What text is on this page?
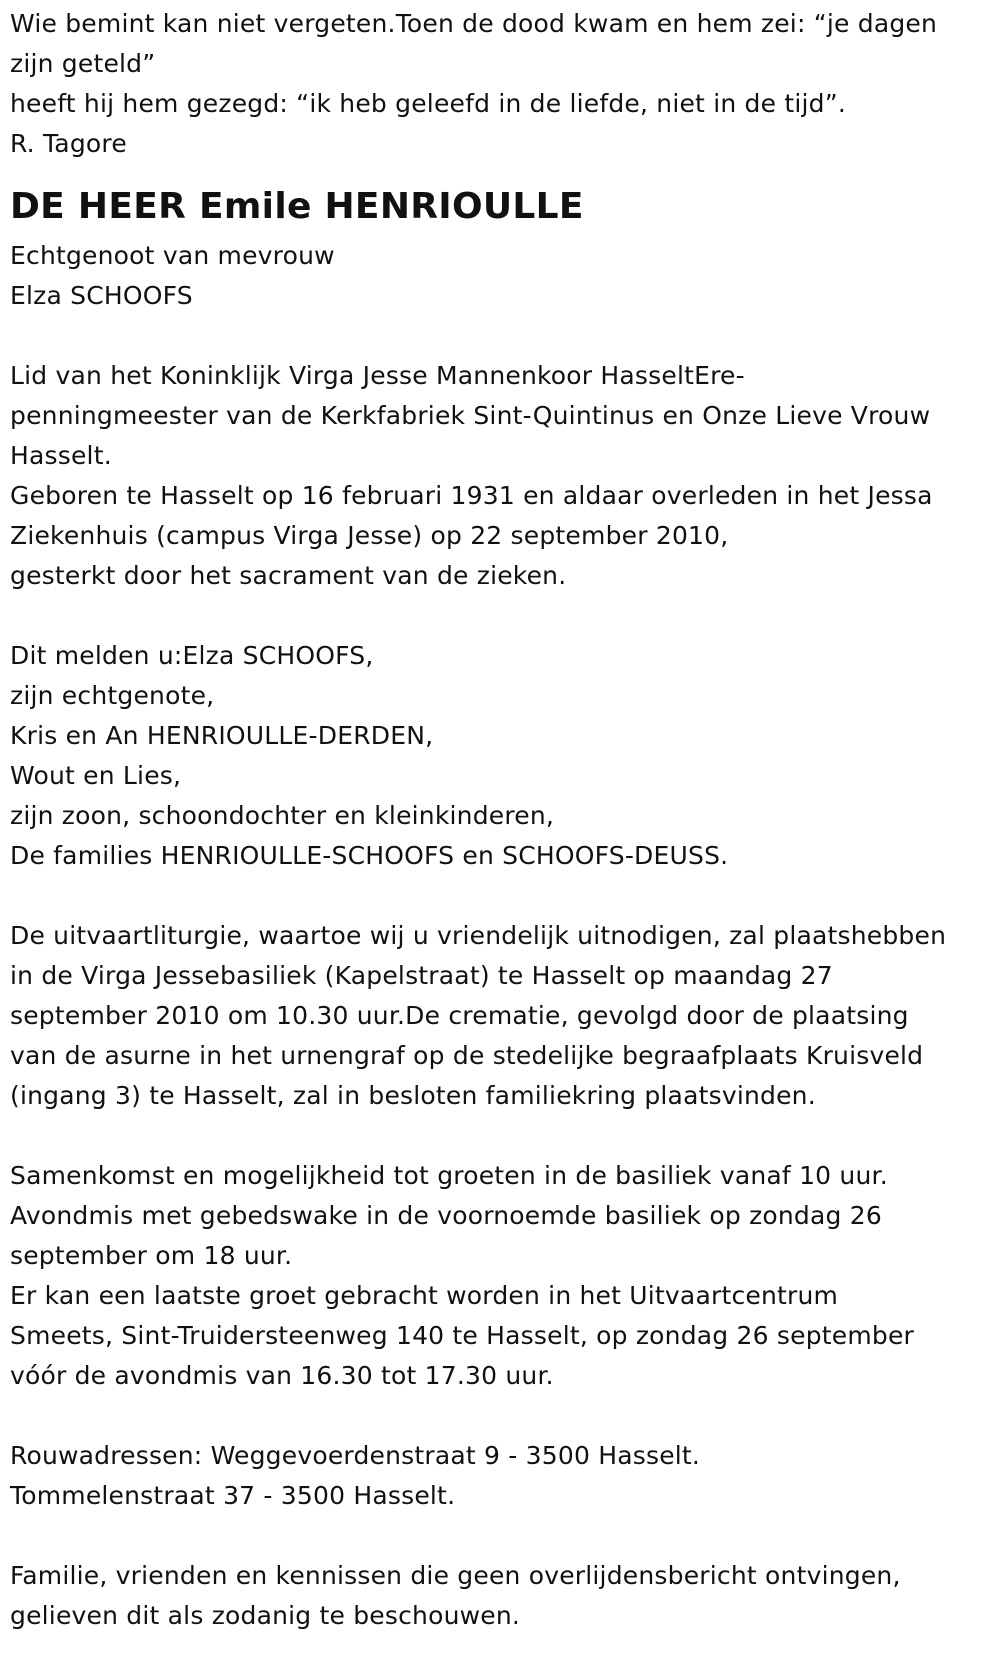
Wie bemint kan niet vergeten.Toen de dood kwam en hem zei: “je dagen
zijn geteld”
heeft hij hem gezegd: “ik heb geleefd in de liefde, niet in de tijd”.
R. Tagore
DE HEER Emile HENRIOULLE
Echtgenoot van mevrouw
Elza SCHOOFS
Lid van het Koninklijk Virga Jesse Mannenkoor HasseltEre-
penningmeester van de Kerkfabriek Sint-Quintinus en Onze Lieve Vrouw
Hasselt.
Geboren te Hasselt op 16 februari 1931 en aldaar overleden in het Jessa
Ziekenhuis (campus Virga Jesse) op 22 september 2010,
gesterkt door het sacrament van de zieken.
Dit melden u:Elza SCHOOFS,
zijn echtgenote,
Kris en An HENRIOULLE-DERDEN,
Wout en Lies,
zijn zoon, schoondochter en kleinkinderen,
De families HENRIOULLE-SCHOOFS en SCHOOFS-DEUSS.
De uitvaartliturgie, waartoe wij u vriendelijk uitnodigen, zal plaatshebben
in de Virga Jessebasiliek (Kapelstraat) te Hasselt op maandag 27
september 2010 om 10.30 uur.De crematie, gevolgd door de plaatsing
van de asurne in het urnengraf op de stedelijke begraafplaats Kruisveld
(ingang 3) te Hasselt, zal in besloten familiekring plaatsvinden.
Samenkomst en mogelijkheid tot groeten in de basiliek vanaf 10 uur.
Avondmis met gebedswake in de voornoemde basiliek op zondag 26
september om 18 uur.
Er kan een laatste groet gebracht worden in het Uitvaartcentrum
Smeets, Sint-Truidersteenweg 140 te Hasselt, op zondag 26 september
vóór de avondmis van 16.30 tot 17.30 uur.
Rouwadressen: Weggevoerdenstraat 9 - 3500 Hasselt.
Tommelenstraat 37 - 3500 Hasselt.
Familie, vrienden en kennissen die geen overlijdensbericht ontvingen,
gelieven dit als zodanig te beschouwen.
